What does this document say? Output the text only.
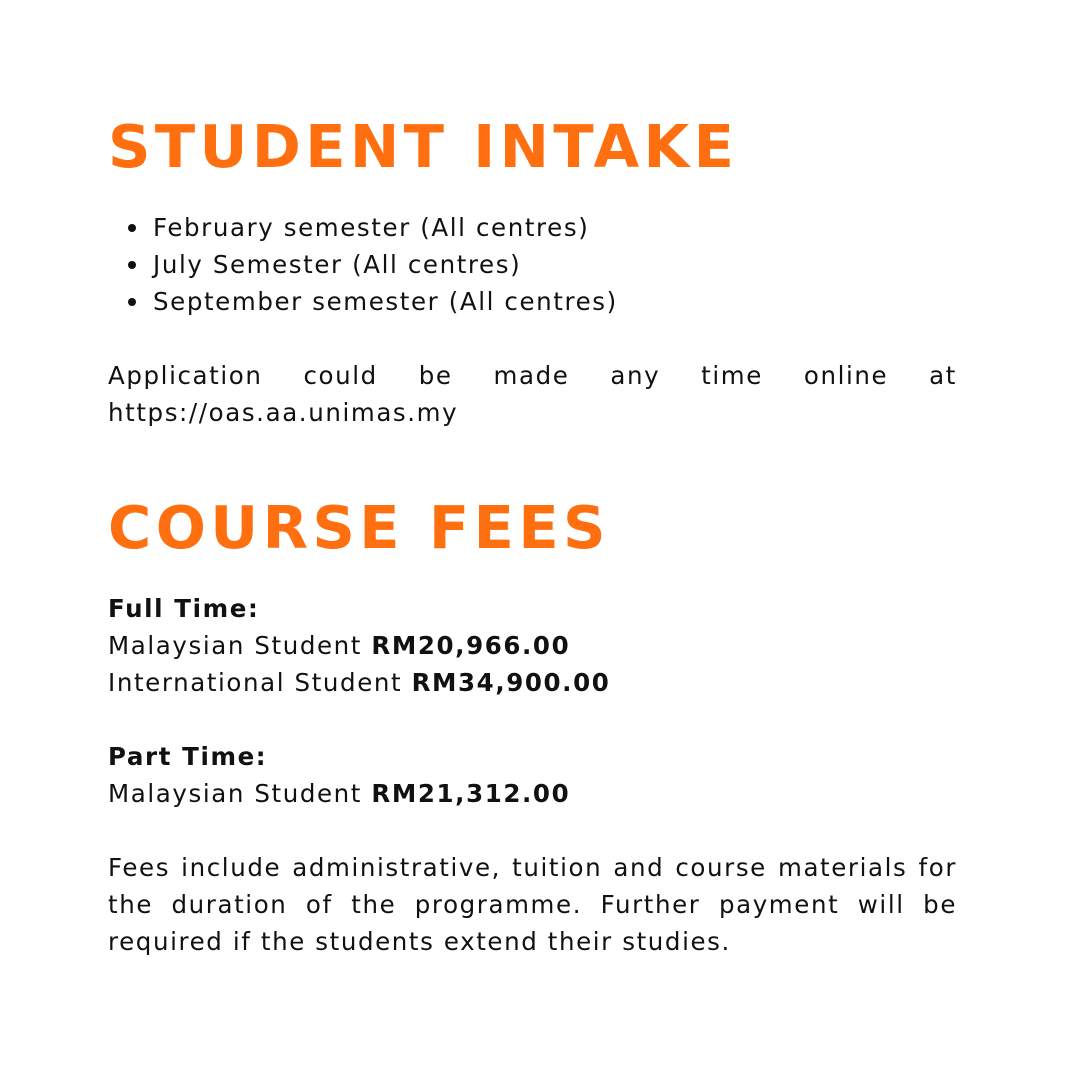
STUDENT INTAKE
February semester (All centres)
July Semester (All centres)
September semester (All centres)

Application could be made any time online at https://oas.aa.unimas.my

COURSE FEES
Full Time:
Malaysian Student RM20,966.00
International Student RM34,900.00
Part Time:
Malaysian Student RM21,312.00

Fees include administrative, tuition and course materials for the duration of the programme. Further payment will be required if the students extend their studies.
